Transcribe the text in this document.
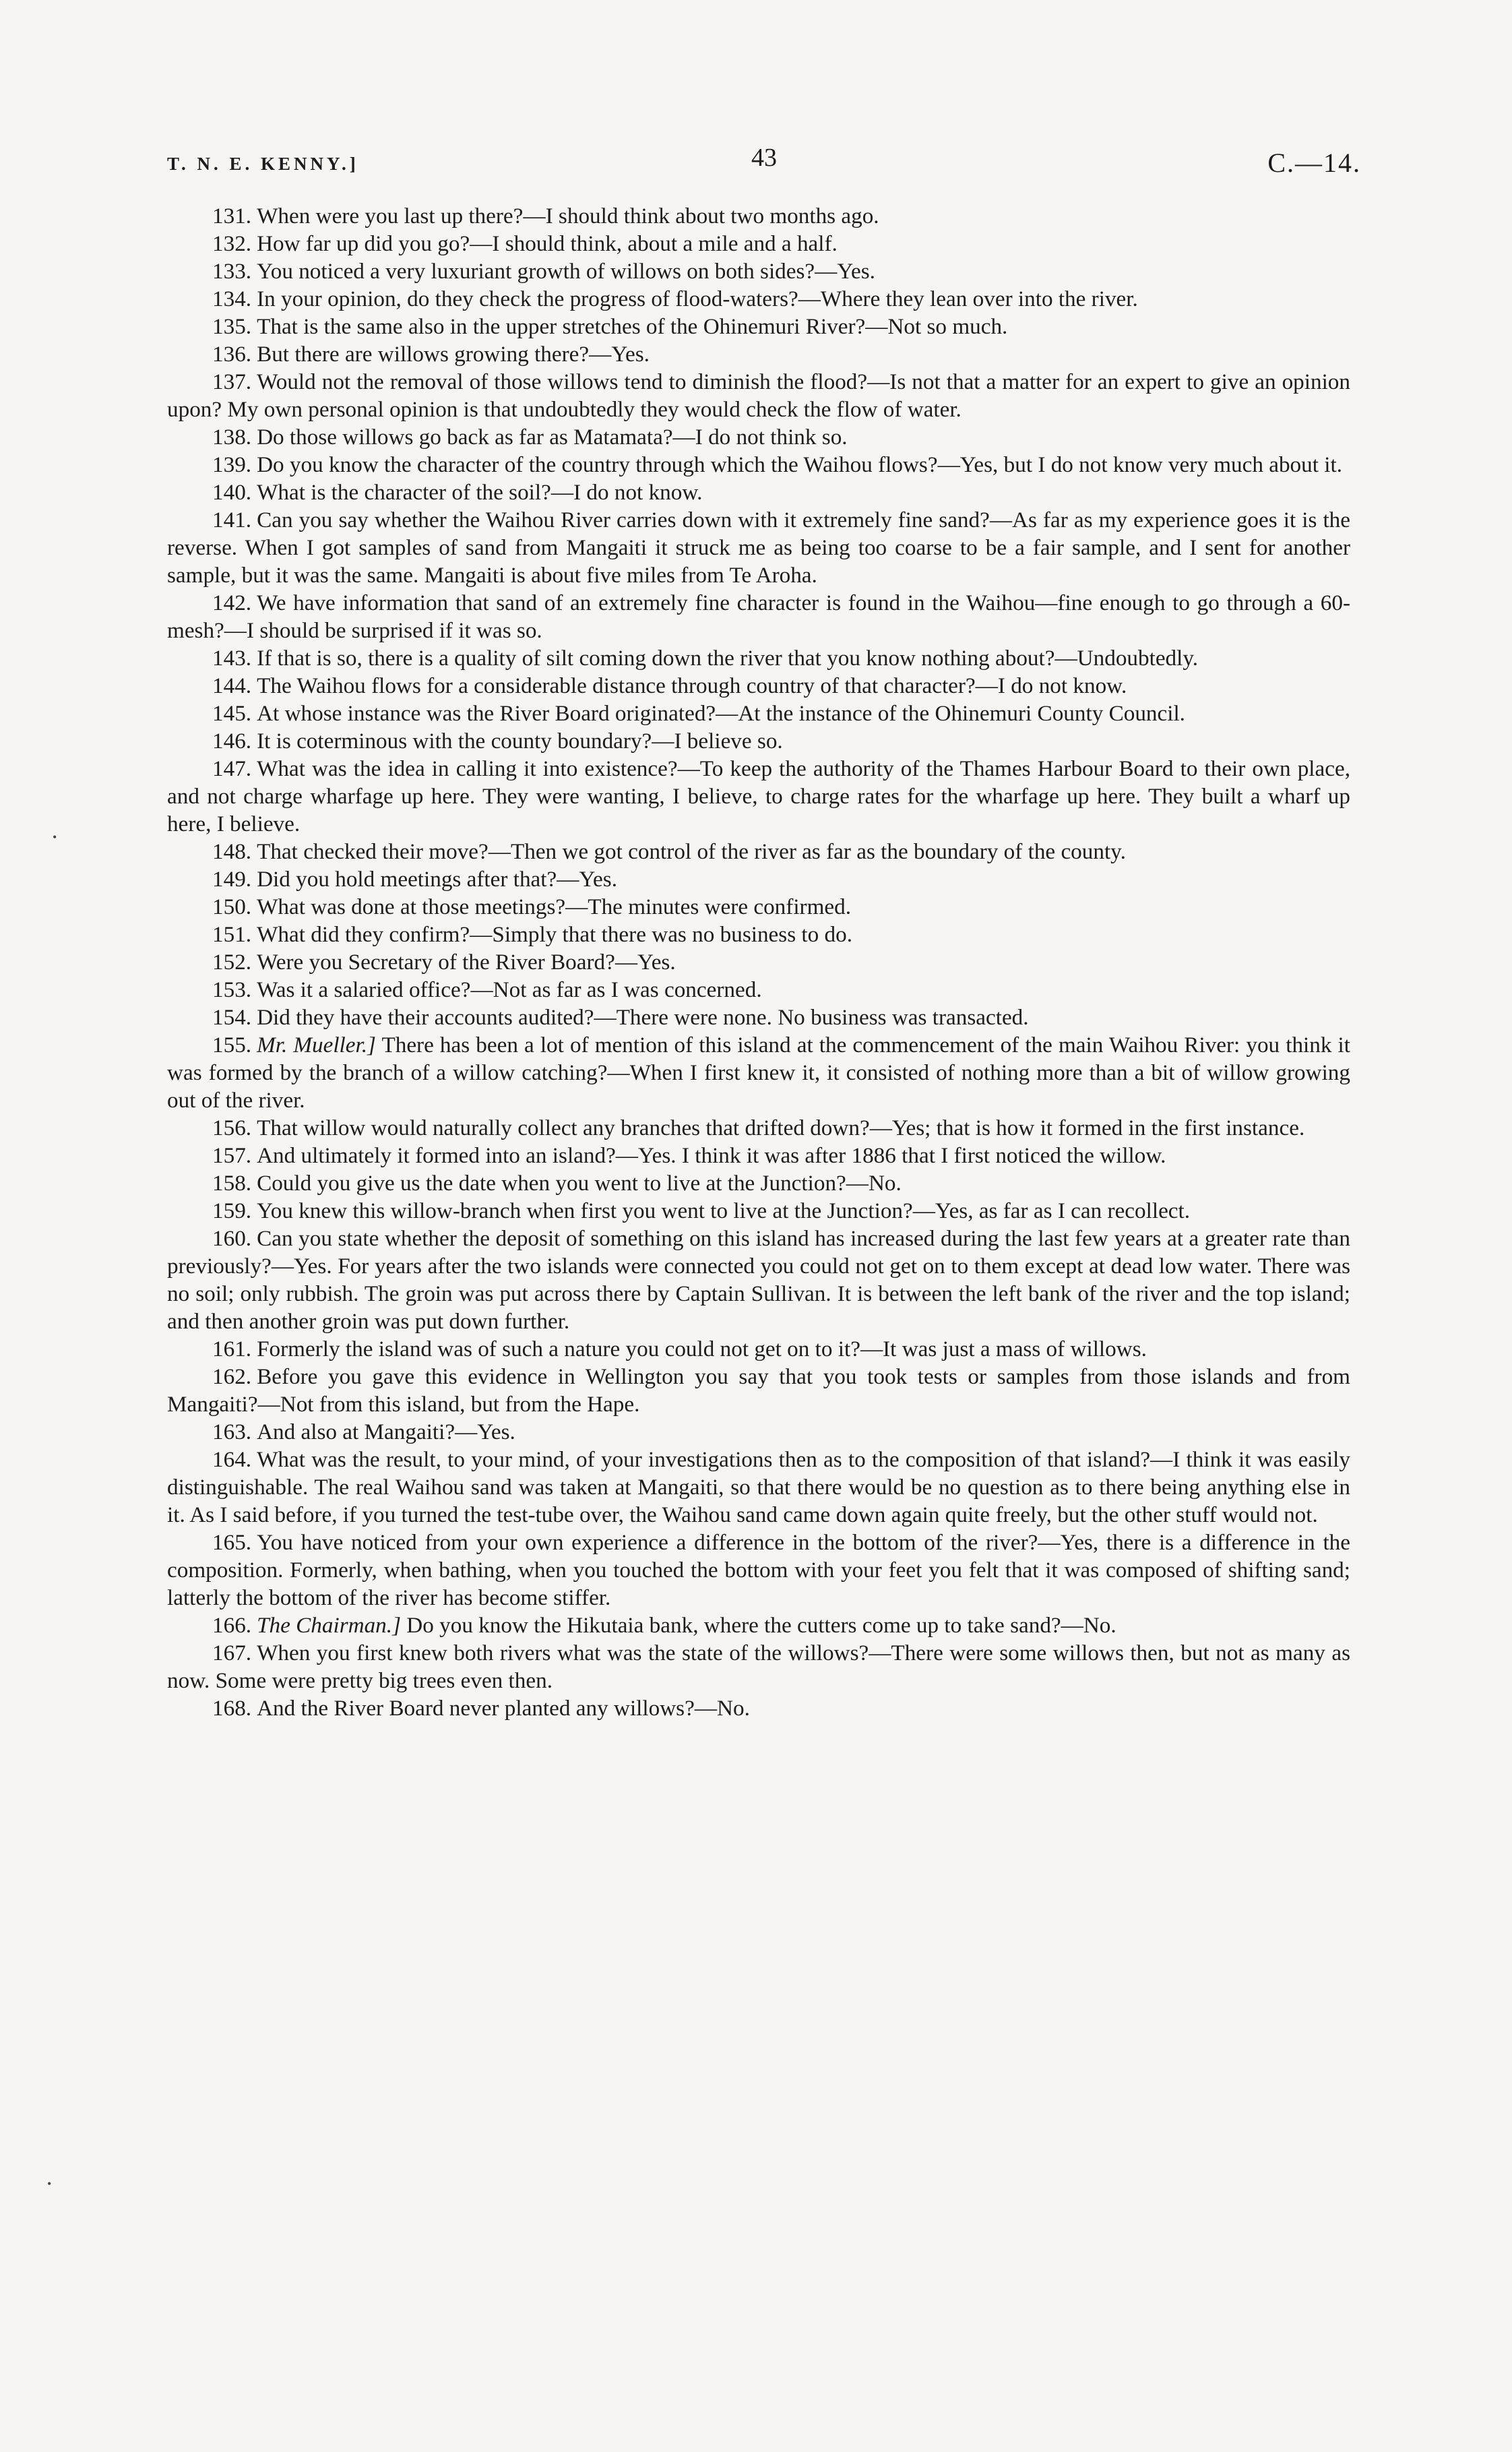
T. N. E. KENNY.]	43	C.—14.

131. When were you last up there?—I should think about two months ago.

132. How far up did you go?—I should think, about a mile and a half.

133. You noticed a very luxuriant growth of willows on both sides?—Yes.

134. In your opinion, do they check the progress of flood-waters?—Where they lean over into the river.

135. That is the same also in the upper stretches of the Ohinemuri River?—Not so much.

136. But there are willows growing there?—Yes.

137. Would not the removal of those willows tend to diminish the flood?—Is not that a matter for an expert to give an opinion upon? My own personal opinion is that undoubtedly they would check the flow of water.

138. Do those willows go back as far as Matamata?—I do not think so.

139. Do you know the character of the country through which the Waihou flows?—Yes, but I do not know very much about it.

140. What is the character of the soil?—I do not know.

141. Can you say whether the Waihou River carries down with it extremely fine sand?—As far as my experience goes it is the reverse. When I got samples of sand from Mangaiti it struck me as being too coarse to be a fair sample, and I sent for another sample, but it was the same. Mangaiti is about five miles from Te Aroha.

142. We have information that sand of an extremely fine character is found in the Waihou—fine enough to go through a 60-mesh?—I should be surprised if it was so.

143. If that is so, there is a quality of silt coming down the river that you know nothing about?—Undoubtedly.

144. The Waihou flows for a considerable distance through country of that character?—I do not know.

145. At whose instance was the River Board originated?—At the instance of the Ohinemuri County Council.

146. It is coterminous with the county boundary?—I believe so.

147. What was the idea in calling it into existence?—To keep the authority of the Thames Harbour Board to their own place, and not charge wharfage up here. They were wanting, I believe, to charge rates for the wharfage up here. They built a wharf up here, I believe.

148. That checked their move?—Then we got control of the river as far as the boundary of the county.

149. Did you hold meetings after that?—Yes.

150. What was done at those meetings?—The minutes were confirmed.

151. What did they confirm?—Simply that there was no business to do.

152. Were you Secretary of the River Board?—Yes.

153. Was it a salaried office?—Not as far as I was concerned.

154. Did they have their accounts audited?—There were none. No business was transacted.

155. Mr. Mueller.] There has been a lot of mention of this island at the commencement of the main Waihou River: you think it was formed by the branch of a willow catching?—When I first knew it, it consisted of nothing more than a bit of willow growing out of the river.

156. That willow would naturally collect any branches that drifted down?—Yes; that is how it formed in the first instance.

157. And ultimately it formed into an island?—Yes. I think it was after 1886 that I first noticed the willow.

158. Could you give us the date when you went to live at the Junction?—No.

159. You knew this willow-branch when first you went to live at the Junction?—Yes, as far as I can recollect.

160. Can you state whether the deposit of something on this island has increased during the last few years at a greater rate than previously?—Yes. For years after the two islands were connected you could not get on to them except at dead low water. There was no soil; only rubbish. The groin was put across there by Captain Sullivan. It is between the left bank of the river and the top island; and then another groin was put down further.

161. Formerly the island was of such a nature you could not get on to it?—It was just a mass of willows.

162. Before you gave this evidence in Wellington you say that you took tests or samples from those islands and from Mangaiti?—Not from this island, but from the Hape.

163. And also at Mangaiti?—Yes.

164. What was the result, to your mind, of your investigations then as to the composition of that island?—I think it was easily distinguishable. The real Waihou sand was taken at Mangaiti, so that there would be no question as to there being anything else in it. As I said before, if you turned the test-tube over, the Waihou sand came down again quite freely, but the other stuff would not.

165. You have noticed from your own experience a difference in the bottom of the river?—Yes, there is a difference in the composition. Formerly, when bathing, when you touched the bottom with your feet you felt that it was composed of shifting sand; latterly the bottom of the river has become stiffer.

166. The Chairman.] Do you know the Hikutaia bank, where the cutters come up to take sand?—No.

167. When you first knew both rivers what was the state of the willows?—There were some willows then, but not as many as now. Some were pretty big trees even then.

168. And the River Board never planted any willows?—No.

•
•
